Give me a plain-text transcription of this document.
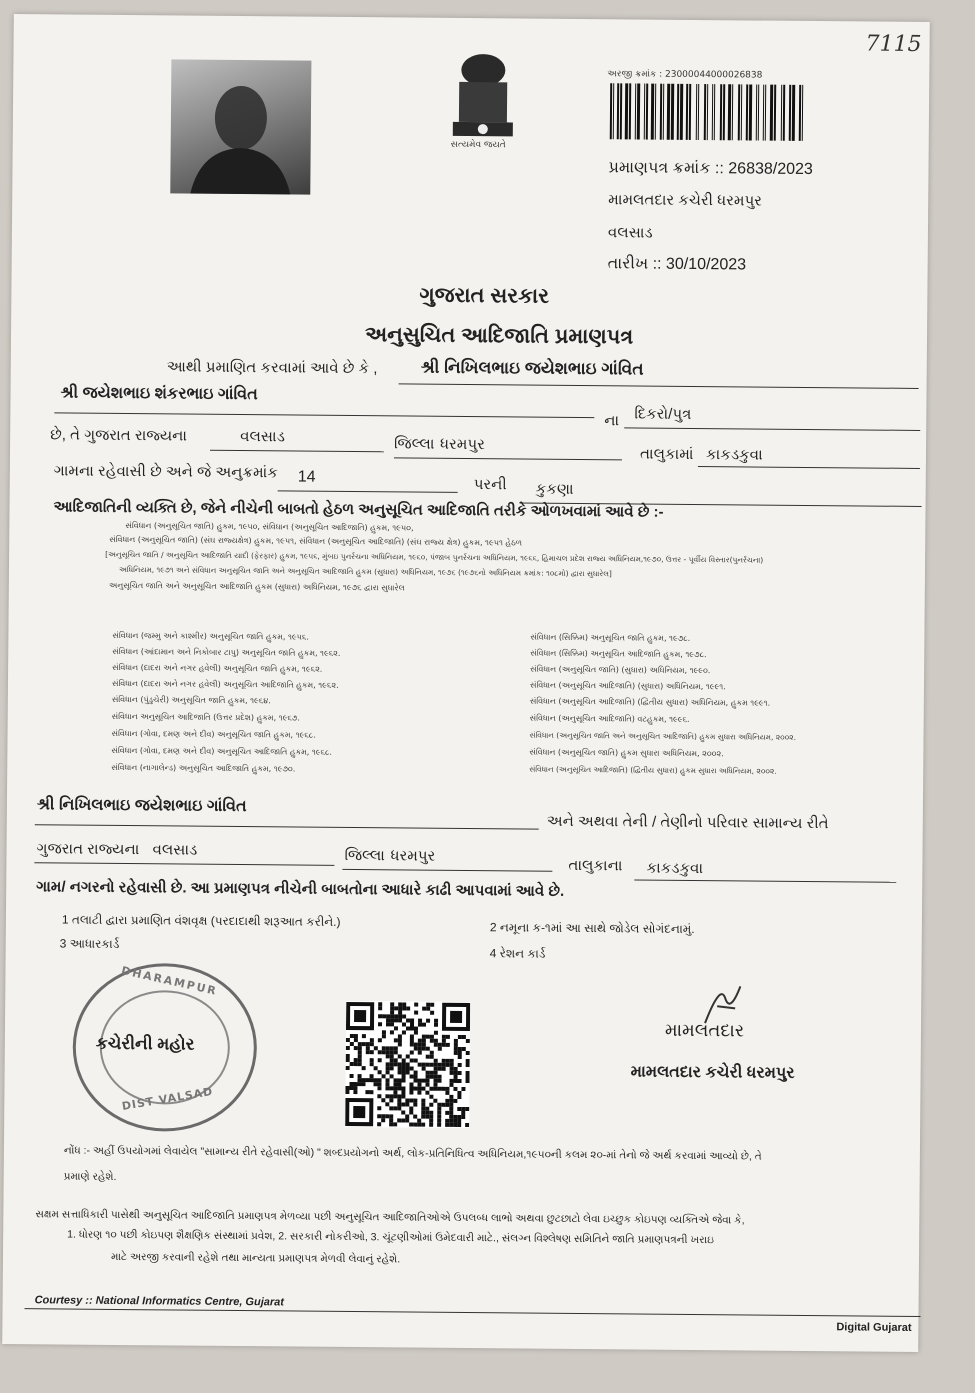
7115
સત્યમેવ જયતે
અરજી ક્રમાંક : 23000044000026838
પ્રમાણપત્ર ક્રમાંક :: 26838/2023
મામલતદાર કચેરી ધરમપુર
વલસાડ
તારીખ :: 30/10/2023
ગુજરાત સરકાર
અનુસુચિત આદિજાતિ પ્રમાણપત્ર
આથી પ્રમાણિત કરવામાં આવે છે કે ,	શ્રી નિખિલભાઇ જયેશભાઇ ગાંવિત
શ્રી જયેશભાઇ શંકરભાઇ ગાંવિત
ના દિકરો/પુત્ર
છે, તે ગુજરાત રાજ્યના	વલસાડ	જિલ્લા ધરમપુર
તાલુકામાં કાકડકુવા
ગામના રહેવાસી છે અને જે અનુક્રમાંક 14	પરની કુકણા
આદિજાતિની વ્યક્તિ છે, જેને નીચેની બાબતો હેઠળ અનુસૂચિત આદિજાતિ તરીકે ઓળખવામાં આવે છે :-
સંવિધાન (અનુસૂચિત જાતિ) હુકમ, ૧૯૫૦, સંવિધાન (અનુસૂચિત આદિજાતિ) હુકમ, ૧૯૫૦,
સંવિધાન (અનુસૂચિત જાતિ) (સંઘ રાજ્યક્ષેત્ર) હુકમ, ૧૯૫૧, સંવિધાન (અનુસૂચિત આદિજાતિ) (સંઘ રાજ્ય ક્ષેત્ર) હુકમ, ૧૯૫૧ હેઠળ
[અનુસૂચિત જાતિ / અનુસૂચિત આદિજાતિ યાદી (ફેરફાર) હુકમ, ૧૯૫૬, મુંબઇ પુનર્રચના અધિનિયમ, ૧૯૬૦, પંજાબ પુનર્રચના અધિનિયમ, ૧૯૬૬, હિમાચલ પ્રદેશ રાજ્ય અધિનિયમ,૧૯૭૦, ઉત્તર - પૂર્વીય વિસ્તાર(પુનર્રચના)
અધિનિયમ, ૧૯૭૧ અને સંવિધાન અનુસૂચિત જાતિ અને અનુસૂચિત આદિજાતિ હુકમ (સુધારા) અધિનિયમ, ૧૯૭૬ (૧૯૭૬નો અધિનિયમ ક્રમાંક: ૧૦૮મો) દ્વારા સુધારેલ]
અનુસૂચિત જાતિ અને અનુસૂચિત આદિજાતિ હુકમ (સુધારા) અધિનિયમ, ૧૯૭૬ દ્વારા સુધારેલ
સંવિધાન (જમ્મુ અને કાશ્મીર) અનુસૂચિત જાતિ હુકમ, ૧૯૫૬.
સંવિધાન (આંદામાન અને નિકોબાર ટાપુ) અનુસૂચિત જાતિ હુકમ, ૧૯૬૨.
સંવિધાન (દાદરા અને નગર હવેલી) અનુસૂચિત જાતિ હુકમ, ૧૯૬૨.
સંવિધાન (દાદરા અને નગર હવેલી) અનુસૂચિત આદિજાતિ હુકમ, ૧૯૬૨.
સંવિધાન (પુંડુચેરી) અનુસૂચિત જાતિ હુકમ, ૧૯૬૪.
સંવિધાન અનુસૂચિત આદિજાતિ (ઉત્તર પ્રદેશ) હુકમ, ૧૯૬૭.
સંવિધાન (ગોવા, દમણ અને દીવ) અનુસૂચિત જાતિ હુકમ, ૧૯૬૮.
સંવિધાન (ગોવા, દમણ અને દીવ) અનુસૂચિત આદિજાતિ હુકમ, ૧૯૬૮.
સંવિધાન (નાગાલેન્ડ) અનુસૂચિત આદિજાતિ હુકમ, ૧૯૭૦.
સંવિધાન (સિક્કિમ) અનુસૂચિત જાતિ હુકમ, ૧૯૭૮.
સંવિધાન (સિક્કિમ) અનુસૂચિત આદિજાતિ હુકમ, ૧૯૭૮.
સંવિધાન (અનુસૂચિત જાતિ) (સુધારા) અધિનિયમ, ૧૯૯૦.
સંવિધાન (અનુસૂચિત આદિજાતિ) (સુધારા) અધિનિયમ, ૧૯૯૧.
સંવિધાન (અનુસૂચિત આદિજાતિ) (દ્વિતીય સુધારા) અધિનિયમ, હુકમ ૧૯૯૧.
સંવિધાન (અનુસૂચિત આદિજાતિ) વટહુકમ, ૧૯૯૬.
સંવિધાન (અનુસૂચિત જાતિ અને અનુસૂચિત આદિજાતિ) હુકમ સુધારા અધિનિયમ, ૨૦૦૨.
સંવિધાન (અનુસૂચિત જાતિ) હુકમ સુધારા અધિનિયમ, ૨૦૦૨.
સંવિધાન (અનુસૂચિત આદિજાતિ) (દ્વિતીય સુધારા) હુકમ સુધારા અધિનિયમ, ૨૦૦૨.
શ્રી નિખિલભાઇ જયેશભાઇ ગાંવિત
અને અથવા તેની / તેણીનો પરિવાર સામાન્ય રીતે
ગુજરાત રાજ્યના વલસાડ	જિલ્લા ધરમપુર
તાલુકાના કાકડકુવા
ગામ/ નગરનો રહેવાસી છે. આ પ્રમાણપત્ર નીચેની બાબતોના આધારે કાઢી આપવામાં આવે છે.
1 તલાટી દ્વારા પ્રમાણિત વંશવૃક્ષ (પરદાદાથી શરૂઆત કરીને.)	2 નમૂના ક-૧માં આ સાથે જોડેલ સોગંદનામું.
3 આધારકાર્ડ
4 રેશન કાર્ડ
DHARAMPUR
DIST VALSAD
કચેરીની મહોર
મામલતદાર
મામલતદાર કચેરી ધરમપુર
નોંધ :- અહીં ઉપયોગમાં લેવાયેલ "સામાન્ય રીતે રહેવાસી(ઓ) " શબ્દપ્રયોગનો અર્થ, લોક-પ્રતિનિધિત્વ અધિનિયમ,૧૯૫૦ની કલમ ૨૦-માં તેનો જે અર્થ કરવામાં આવ્યો છે, તે
પ્રમાણે રહેશે.
સક્ષમ સત્તાધિકારી પાસેથી અનુસૂચિત આદિજાતિ પ્રમાણપત્ર મેળવ્યા પછી અનુસૂચિત આદિજાતિઓએ ઉપલબ્ધ લાભો અથવા છુટછાટો લેવા ઇચ્છુક કોઇપણ વ્યક્તિએ જેવા કે,
1. ધોરણ ૧૦ પછી કોઇપણ શૈક્ષણિક સંસ્થામાં પ્રવેશ, 2. સરકારી નોકરીઓ, 3. ચૂંટણીઓમાં ઉમેદવારી માટે., સંલગ્ન વિશ્લેષણ સમિતિને જાતિ પ્રમાણપત્રની ખરાઇ
માટે અરજી કરવાની રહેશે તથા માન્યતા પ્રમાણપત્ર મેળવી લેવાનું રહેશે.
Courtesy :: National Informatics Centre, Gujarat
Digital Gujarat
